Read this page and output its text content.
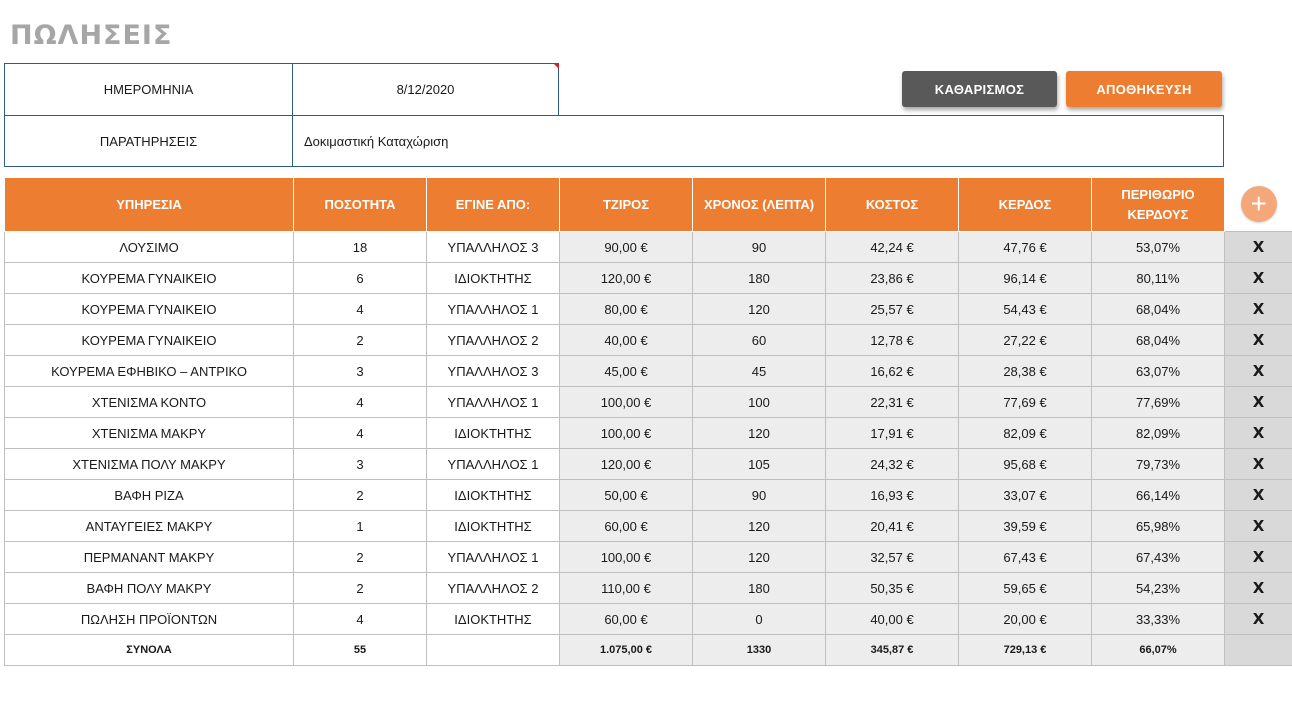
ΠΩΛΗΣΕΙΣ
ΗΜΕΡΟΜΗΝΙΑ	8/12/2020
ΠΑΡΑΤΗΡΗΣΕΙΣ	Δοκιμαστική Καταχώριση
ΚΑΘΑΡΙΣΜΟΣ	ΑΠΟΘΗΚΕΥΣΗ
ΥΠΗΡΕΣΙΑ	ΠΟΣΟΤΗΤΑ	ΕΓΙΝΕ ΑΠΟ:	ΤΖΙΡΟΣ	ΧΡΟΝΟΣ (ΛΕΠΤΑ)	ΚΟΣΤΟΣ	ΚΕΡΔΟΣ	ΠΕΡΙΘΩΡΙΟ ΚΕΡΔΟΥΣ	+
ΛΟΥΣΙΜΟ	18	ΥΠΑΛΛΗΛΟΣ 3	90,00 €	90	42,24 €	47,76 €	53,07%	X
ΚΟΥΡΕΜΑ ΓΥΝΑΙΚΕΙΟ	6	ΙΔΙΟΚΤΗΤΗΣ	120,00 €	180	23,86 €	96,14 €	80,11%	X
ΚΟΥΡΕΜΑ ΓΥΝΑΙΚΕΙΟ	4	ΥΠΑΛΛΗΛΟΣ 1	80,00 €	120	25,57 €	54,43 €	68,04%	X
ΚΟΥΡΕΜΑ ΓΥΝΑΙΚΕΙΟ	2	ΥΠΑΛΛΗΛΟΣ 2	40,00 €	60	12,78 €	27,22 €	68,04%	X
ΚΟΥΡΕΜΑ ΕΦΗΒΙΚΟ – ΑΝΤΡΙΚΟ	3	ΥΠΑΛΛΗΛΟΣ 3	45,00 €	45	16,62 €	28,38 €	63,07%	X
ΧΤΕΝΙΣΜΑ ΚΟΝΤΟ	4	ΥΠΑΛΛΗΛΟΣ 1	100,00 €	100	22,31 €	77,69 €	77,69%	X
ΧΤΕΝΙΣΜΑ ΜΑΚΡΥ	4	ΙΔΙΟΚΤΗΤΗΣ	100,00 €	120	17,91 €	82,09 €	82,09%	X
ΧΤΕΝΙΣΜΑ ΠΟΛΥ ΜΑΚΡΥ	3	ΥΠΑΛΛΗΛΟΣ 1	120,00 €	105	24,32 €	95,68 €	79,73%	X
ΒΑΦΗ ΡΙΖΑ	2	ΙΔΙΟΚΤΗΤΗΣ	50,00 €	90	16,93 €	33,07 €	66,14%	X
ΑΝΤΑΥΓΕΙΕΣ ΜΑΚΡΥ	1	ΙΔΙΟΚΤΗΤΗΣ	60,00 €	120	20,41 €	39,59 €	65,98%	X
ΠΕΡΜΑΝΑΝΤ ΜΑΚΡΥ	2	ΥΠΑΛΛΗΛΟΣ 1	100,00 €	120	32,57 €	67,43 €	67,43%	X
ΒΑΦΗ ΠΟΛΥ ΜΑΚΡΥ	2	ΥΠΑΛΛΗΛΟΣ 2	110,00 €	180	50,35 €	59,65 €	54,23%	X
ΠΩΛΗΣΗ ΠΡΟΪΟΝΤΩΝ	4	ΙΔΙΟΚΤΗΤΗΣ	60,00 €	0	40,00 €	20,00 €	33,33%	X
ΣΥΝΟΛΑ	55		1.075,00 €	1330	345,87 €	729,13 €	66,07%	
